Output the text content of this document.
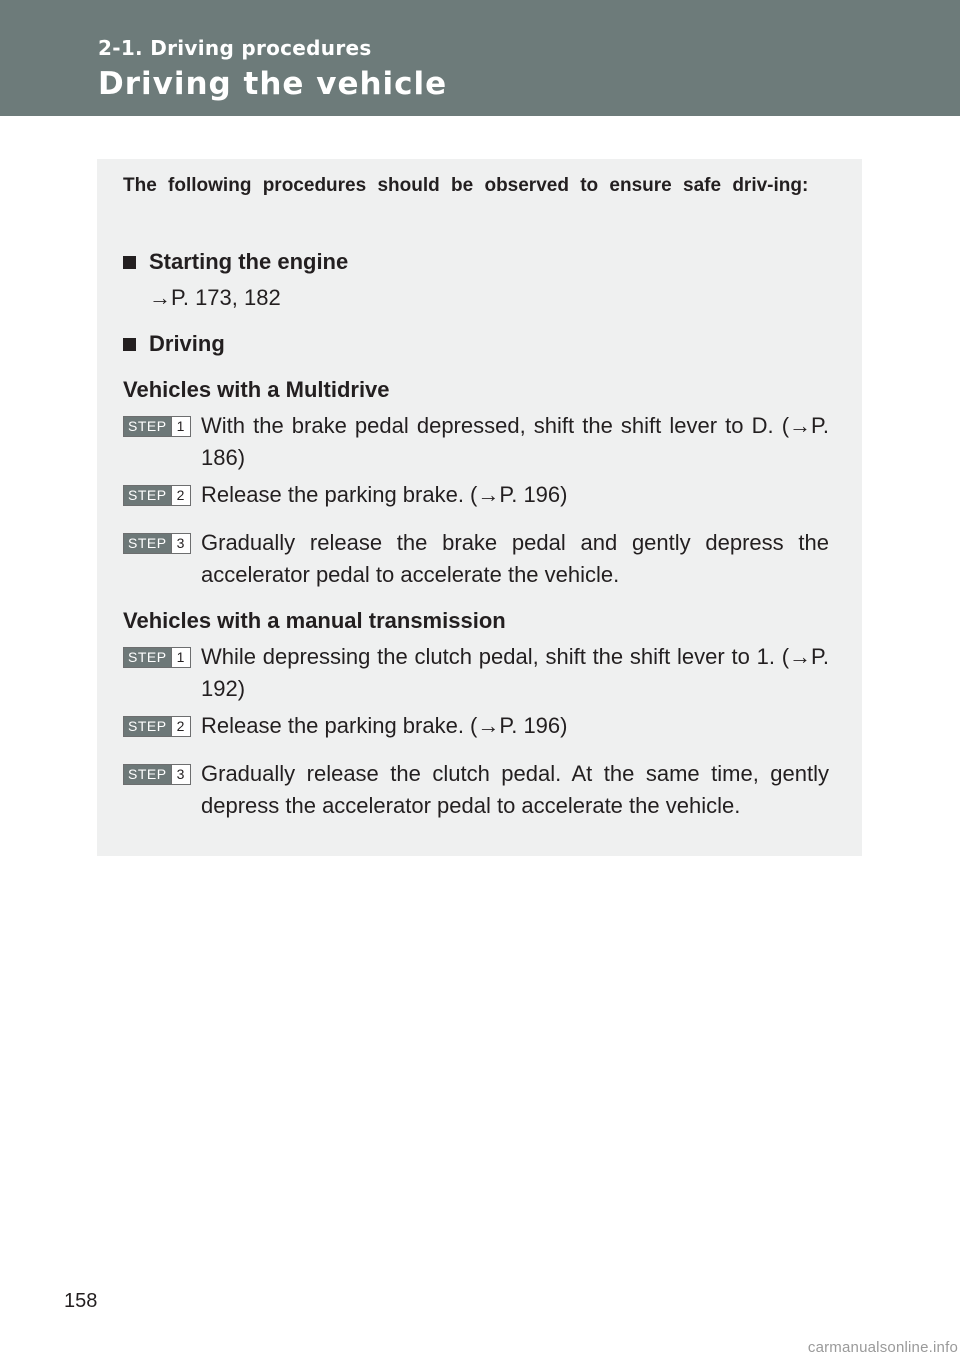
2-1. Driving procedures
Driving the vehicle
The following procedures should be observed to ensure safe driv-ing:
Starting the engine
→P. 173, 182
Driving
Vehicles with a Multidrive
STEP 1 With the brake pedal depressed, shift the shift lever to D. (→P. 186)
STEP 2 Release the parking brake. (→P. 196)
STEP 3 Gradually release the brake pedal and gently depress the accelerator pedal to accelerate the vehicle.
Vehicles with a manual transmission
STEP 1 While depressing the clutch pedal, shift the shift lever to 1. (→P. 192)
STEP 2 Release the parking brake. (→P. 196)
STEP 3 Gradually release the clutch pedal. At the same time, gently depress the accelerator pedal to accelerate the vehicle.
158
carmanualsonline.info
